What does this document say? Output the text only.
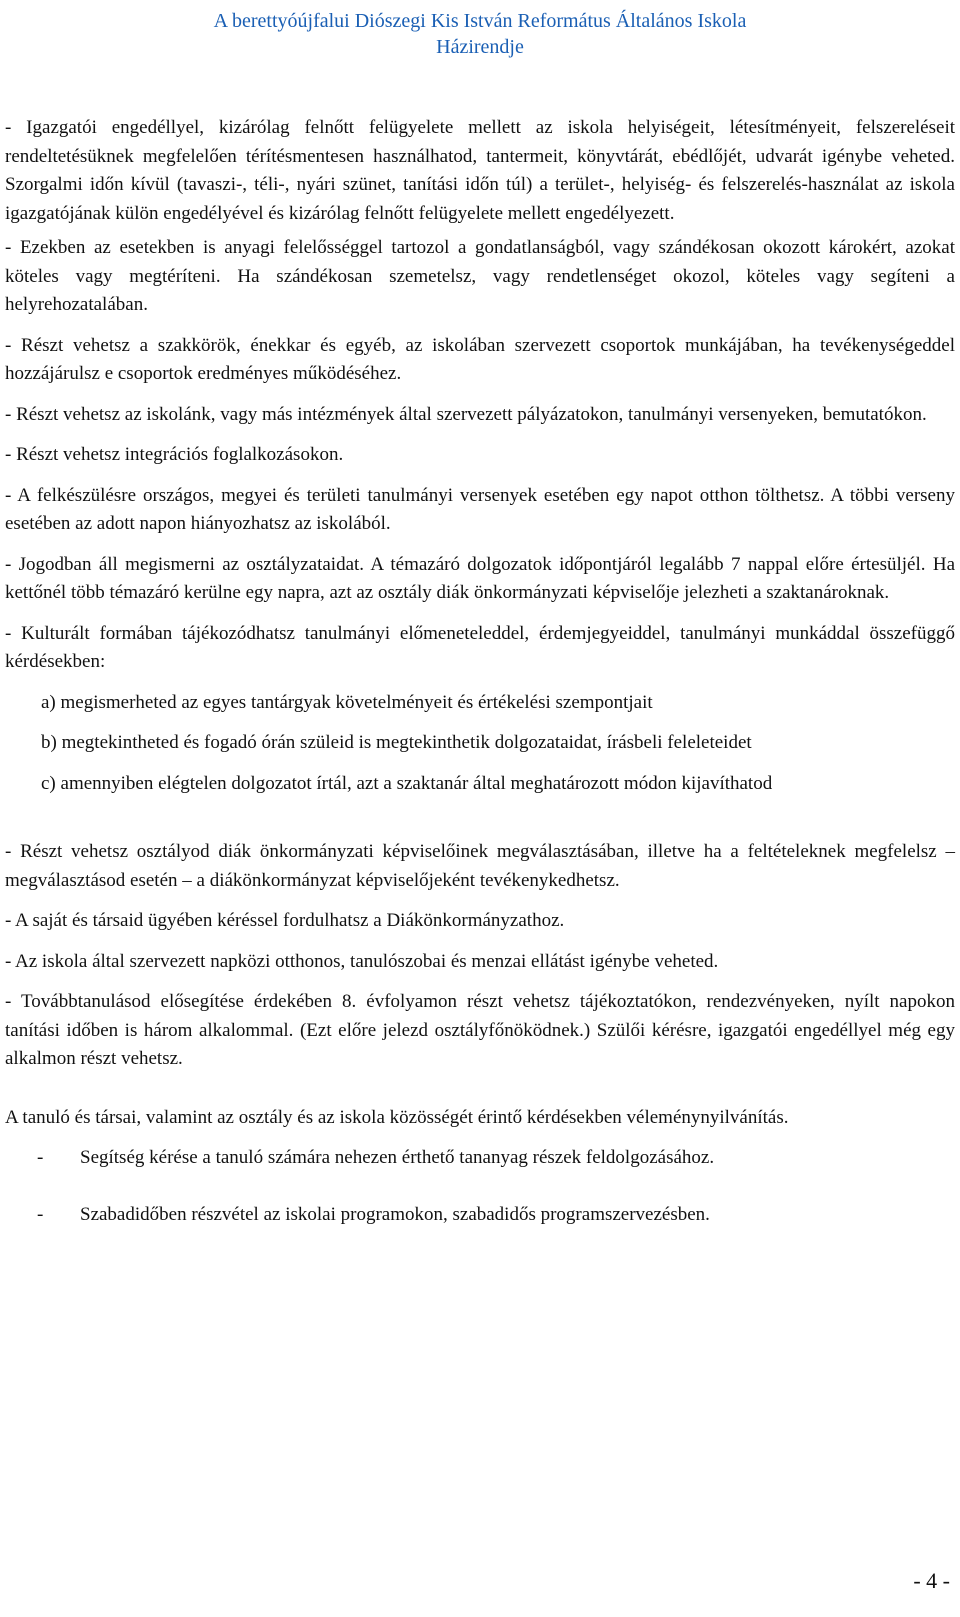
A berettyóújfalui Diószegi Kis István Református Általános Iskola
Házirendje

- Igazgatói engedéllyel, kizárólag felnőtt felügyelete mellett az iskola helyiségeit, létesítményeit, felszereléseit rendeltetésüknek megfelelően térítésmentesen használhatod, tantermeit, könyvtárát, ebédlőjét, udvarát igénybe veheted. Szorgalmi időn kívül (tavaszi-, téli-, nyári szünet, tanítási időn túl) a terület-, helyiség- és felszerelés-használat az iskola igazgatójának külön engedélyével és kizárólag felnőtt felügyelete mellett engedélyezett.

- Ezekben az esetekben is anyagi felelősséggel tartozol a gondatlanságból, vagy szándékosan okozott károkért, azokat köteles vagy megtéríteni. Ha szándékosan szemetelsz, vagy rendetlenséget okozol, köteles vagy segíteni a helyrehozatalában.

- Részt vehetsz a szakkörök, énekkar és egyéb, az iskolában szervezett csoportok munkájában, ha tevékenységeddel hozzájárulsz e csoportok eredményes működéséhez.

- Részt vehetsz az iskolánk, vagy más intézmények által szervezett pályázatokon, tanulmányi versenyeken, bemutatókon.

- Részt vehetsz integrációs foglalkozásokon.

- A felkészülésre országos, megyei és területi tanulmányi versenyek esetében egy napot otthon tölthetsz. A többi verseny esetében az adott napon hiányozhatsz az iskolából.

- Jogodban áll megismerni az osztályzataidat. A témazáró dolgozatok időpontjáról legalább 7 nappal előre értesüljél. Ha kettőnél több témazáró kerülne egy napra, azt az osztály diák önkormányzati képviselője jelezheti a szaktanároknak.

- Kulturált formában tájékozódhatsz tanulmányi előmeneteleddel, érdemjegyeiddel, tanulmányi munkáddal összefüggő kérdésekben:

a) megismerheted az egyes tantárgyak követelményeit és értékelési szempontjait

b) megtekintheted és fogadó órán szüleid is megtekinthetik dolgozataidat, írásbeli feleleteidet

c) amennyiben elégtelen dolgozatot írtál, azt a szaktanár által meghatározott módon kijavíthatod

- Részt vehetsz osztályod diák önkormányzati képviselőinek megválasztásában, illetve ha a feltételeknek megfelelsz – megválasztásod esetén – a diákönkormányzat képviselőjeként tevékenykedhetsz.

- A saját és társaid ügyében kéréssel fordulhatsz a Diákönkormányzathoz.

- Az iskola által szervezett napközi otthonos, tanulószobai és menzai ellátást igénybe veheted.

- Továbbtanulásod elősegítése érdekében 8. évfolyamon részt vehetsz tájékoztatókon, rendezvényeken, nyílt napokon tanítási időben is három alkalommal. (Ezt előre jelezd osztályfőnöködnek.) Szülői kérésre, igazgatói engedéllyel még egy alkalmon részt vehetsz.

A tanuló és társai, valamint az osztály és az iskola közösségét érintő kérdésekben véleménynyilvánítás.

-	Segítség kérése a tanuló számára nehezen érthető tananyag részek feldolgozásához.
-	Szabadidőben részvétel az iskolai programokon, szabadidős programszervezésben.
- 4 -
